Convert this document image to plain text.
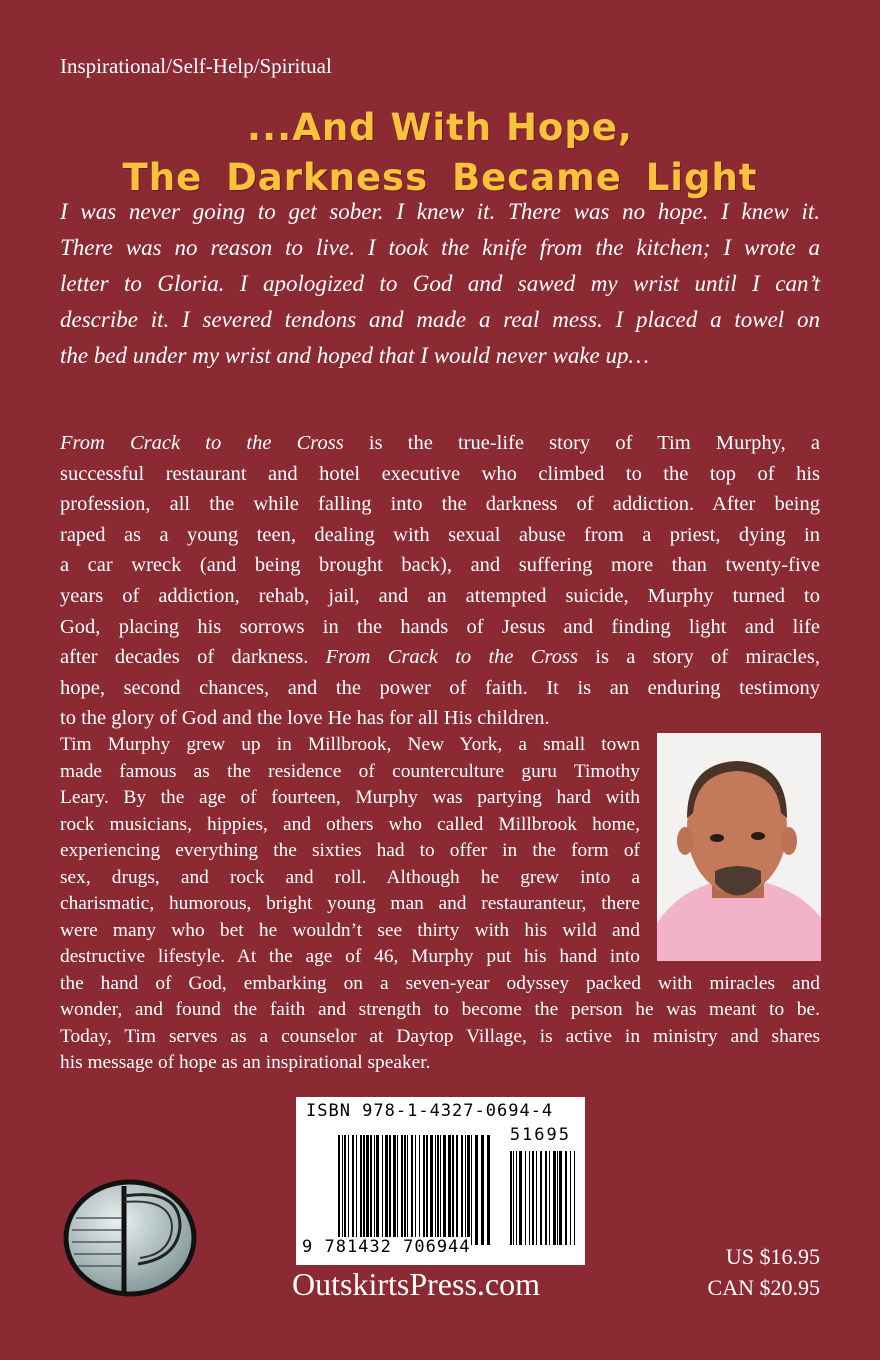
Inspirational/Self-Help/Spiritual
...And With Hope,
The Darkness Became Light
I was never going to get sober. I knew it. There was no hope. I knew it.
There was no reason to live. I took the knife from the kitchen; I wrote a
letter to Gloria. I apologized to God and sawed my wrist until I can’t
describe it. I severed tendons and made a real mess. I placed a towel on
the bed under my wrist and hoped that I would never wake up…
From Crack to the Cross is the true-life story of Tim Murphy, a
successful restaurant and hotel executive who climbed to the top of his
profession, all the while falling into the darkness of addiction. After being
raped as a young teen, dealing with sexual abuse from a priest, dying in
a car wreck (and being brought back), and suffering more than twenty-five
years of addiction, rehab, jail, and an attempted suicide, Murphy turned to
God, placing his sorrows in the hands of Jesus and finding light and life
after decades of darkness. From Crack to the Cross is a story of miracles,
hope, second chances, and the power of faith. It is an enduring testimony
to the glory of God and the love He has for all His children.
Tim Murphy grew up in Millbrook, New York, a small town
made famous as the residence of counterculture guru Timothy
Leary. By the age of fourteen, Murphy was partying hard with
rock musicians, hippies, and others who called Millbrook home,
experiencing everything the sixties had to offer in the form of
sex, drugs, and rock and roll. Although he grew into a
charismatic, humorous, bright young man and restauranteur, there
were many who bet he wouldn’t see thirty with his wild and
destructive lifestyle. At the age of 46, Murphy put his hand into
the hand of God, embarking on a seven-year odyssey packed with miracles and
wonder, and found the faith and strength to become the person he was meant to be.
Today, Tim serves as a counselor at Daytop Village, is active in ministry and shares
his message of hope as an inspirational speaker.
ISBN 978-1-4327-0694-4
51695
9 781432 706944
OutskirtsPress.com
US $16.95
CAN $20.95
